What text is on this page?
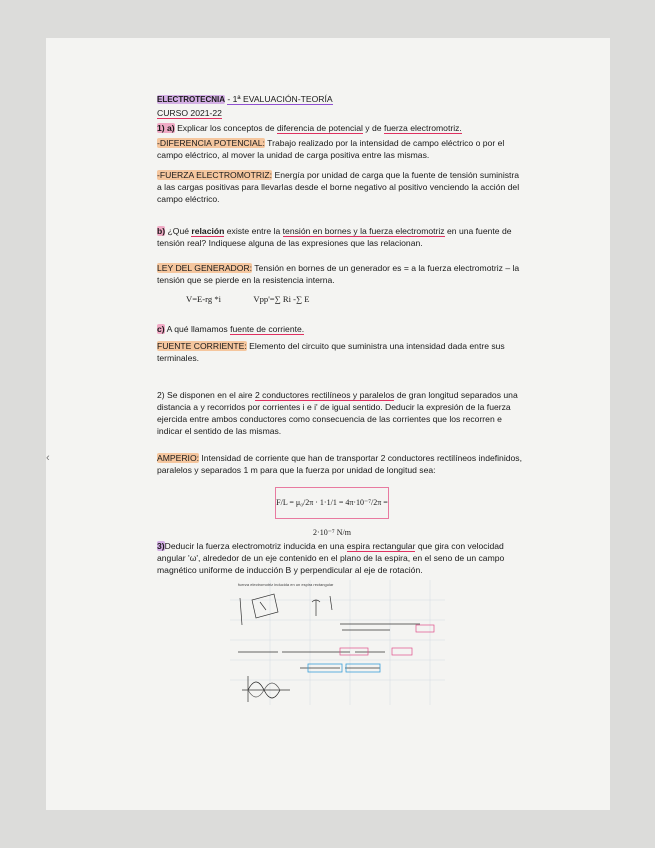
‹
ELECTROTECNIA - 1ª EVALUACIÓN-TEORÍA
CURSO 2021-22
1) a) Explicar los conceptos de diferencia de potencial y de fuerza electromotriz.
-DIFERENCIA POTENCIAL: Trabajo realizado por la intensidad de campo eléctrico o por el campo eléctrico, al mover la unidad de carga positiva entre las mismas.
-FUERZA ELECTROMOTRIZ: Energía por unidad de carga que la fuente de tensión suministra a las cargas positivas para llevarlas desde el borne negativo al positivo venciendo la acción del campo eléctrico.
b) ¿Qué relación existe entre la tensión en bornes y la fuerza electromotriz en una fuente de tensión real? Indiquese alguna de las expresiones que las relacionan.
LEY DEL GENERADOR: Tensión en bornes de un generador es = a la fuerza electromotriz – la tensión que se pierde en la resistencia interna.
V=E-rg *i	Vpp'=∑ Ri -∑ E
c) A qué llamamos fuente de corriente.
FUENTE CORRIENTE: Elemento del circuito que suministra una intensidad dada entre sus terminales.
2) Se disponen en el aire 2 conductores rectilíneos y paralelos de gran longitud separados una distancia a y recorridos por corrientes i e i' de igual sentido. Deducir la expresión de la fuerza ejercida entre ambos conductores como consecuencia de las corrientes que los recorren e indicar el sentido de las mismas.
AMPERIO: Intensidad de corriente que han de transportar 2 conductores rectilíneos indefinidos, paralelos y separados 1 m para que la fuerza por unidad de longitud sea:
F/L = μ₀/2π · 1·1/1 = 4π·10⁻⁷/2π = 2·10⁻⁷ N/m
3)Deducir la fuerza electromotriz inducida en una espira rectangular que gira con velocidad angular 'ω', alrededor de un eje contenido en el plano de la espira, en el seno de un campo magnético uniforme de inducción B y perpendicular al eje de rotación.
fuerza electromotriz inducida en un espira rectangular
